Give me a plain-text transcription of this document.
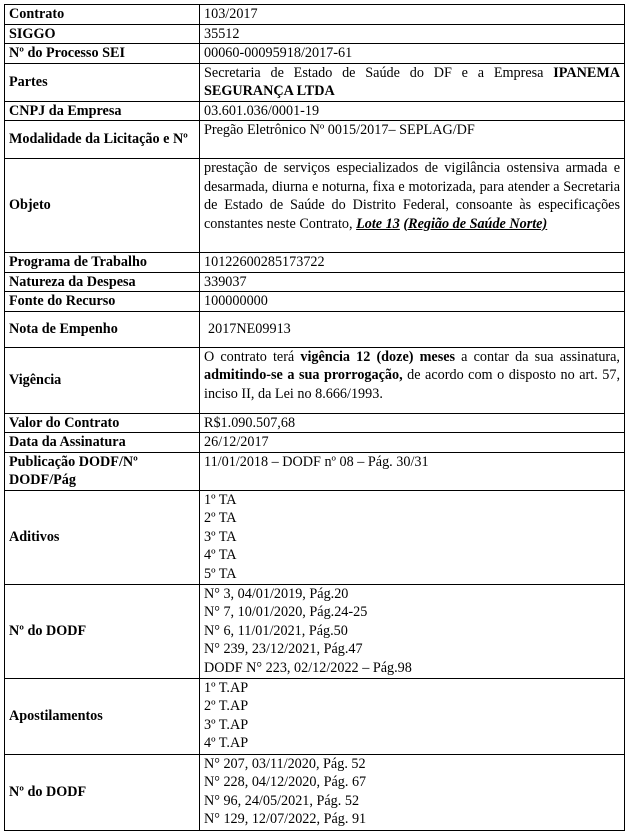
Contrato	103/2017
SIGGO	35512
Nº do Processo SEI	00060-00095918/2017-61
Partes	Secretaria de Estado de Saúde do DF e a Empresa IPANEMA SEGURANÇA LTDA
CNPJ da Empresa	03.601.036/0001-19
Modalidade da Licitação e Nº	Pregão Eletrônico Nº 0015/2017– SEPLAG/DF
Objeto	prestação de serviços especializados de vigilância ostensiva armada e desarmada, diurna e noturna, fixa e motorizada, para atender a Secretaria de Estado de Saúde do Distrito Federal, consoante às especificações constantes neste Contrato, Lote 13 (Região de Saúde Norte)
Programa de Trabalho	10122600285173722
Natureza da Despesa	339037
Fonte do Recurso	100000000
Nota de Empenho	2017NE09913
Vigência	O contrato terá vigência 12 (doze) meses a contar da sua assinatura, admitindo-se a sua prorrogação, de acordo com o disposto no art. 57, inciso II, da Lei no 8.666/1993.
Valor do Contrato	R$1.090.507,68
Data da Assinatura	26/12/2017
Publicação DODF/Nº DODF/Pág	11/01/2018 – DODF nº 08 – Pág. 30/31
Aditivos	1º TA
2º TA
3º TA
4º TA
5º TA

Nº do DODF	N° 3, 04/01/2019, Pág.20
N° 7, 10/01/2020, Pág.24-25
N° 6, 11/01/2021, Pág.50
N° 239, 23/12/2021, Pág.47
DODF N° 223, 02/12/2022 – Pág.98

Apostilamentos	1º T.AP
2º T.AP
3º T.AP
4º T.AP

Nº do DODF	N° 207, 03/11/2020, Pág. 52
N° 228, 04/12/2020, Pág. 67
N° 96, 24/05/2021, Pág. 52
N° 129, 12/07/2022, Pág. 91
